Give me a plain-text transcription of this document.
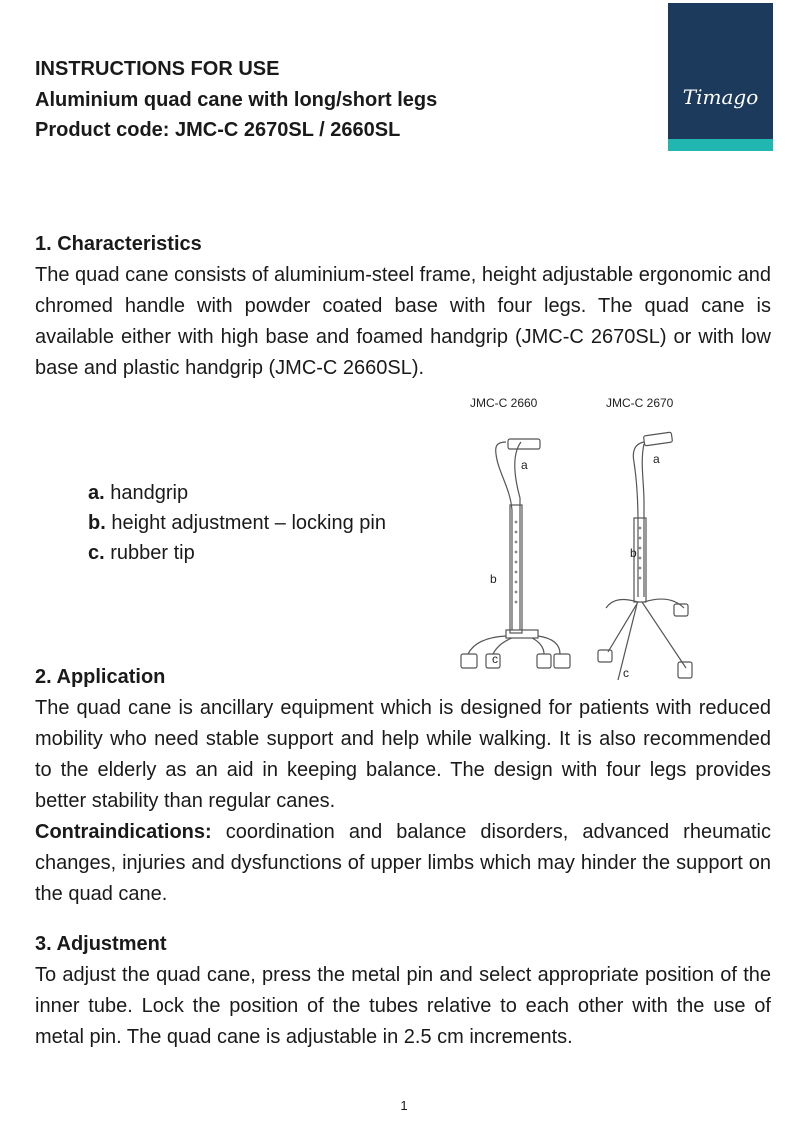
INSTRUCTIONS FOR USE
Aluminium quad cane with long/short legs
Product code: JMC-C 2670SL / 2660SL
Timago
1. Characteristics

The quad cane consists of aluminium-steel frame, height adjustable ergonomic and chromed handle with powder coated base with four legs. The quad cane is available either with high base and foamed handgrip (JMC-C 2670SL) or with low base and plastic handgrip (JMC-C 2660SL).

a. handgrip
b. height adjustment – locking pin
c. rubber tip
JMC-C 2660	JMC-C 2670
a
b
c
a
b
c
2. Application

The quad cane is ancillary equipment which is designed for patients with reduced mobility who need stable support and help while walking. It is also recommended to the elderly as an aid in keeping balance. The design with four legs provides better stability than regular canes.

Contraindications: coordination and balance disorders, advanced rheumatic changes, injuries and dysfunctions of upper limbs which may hinder the support on the quad cane.

3. Adjustment

To adjust the quad cane, press the metal pin and select appropriate position of the inner tube. Lock the position of the tubes relative to each other with the use of metal pin. The quad cane is adjustable in 2.5 cm increments.

1
